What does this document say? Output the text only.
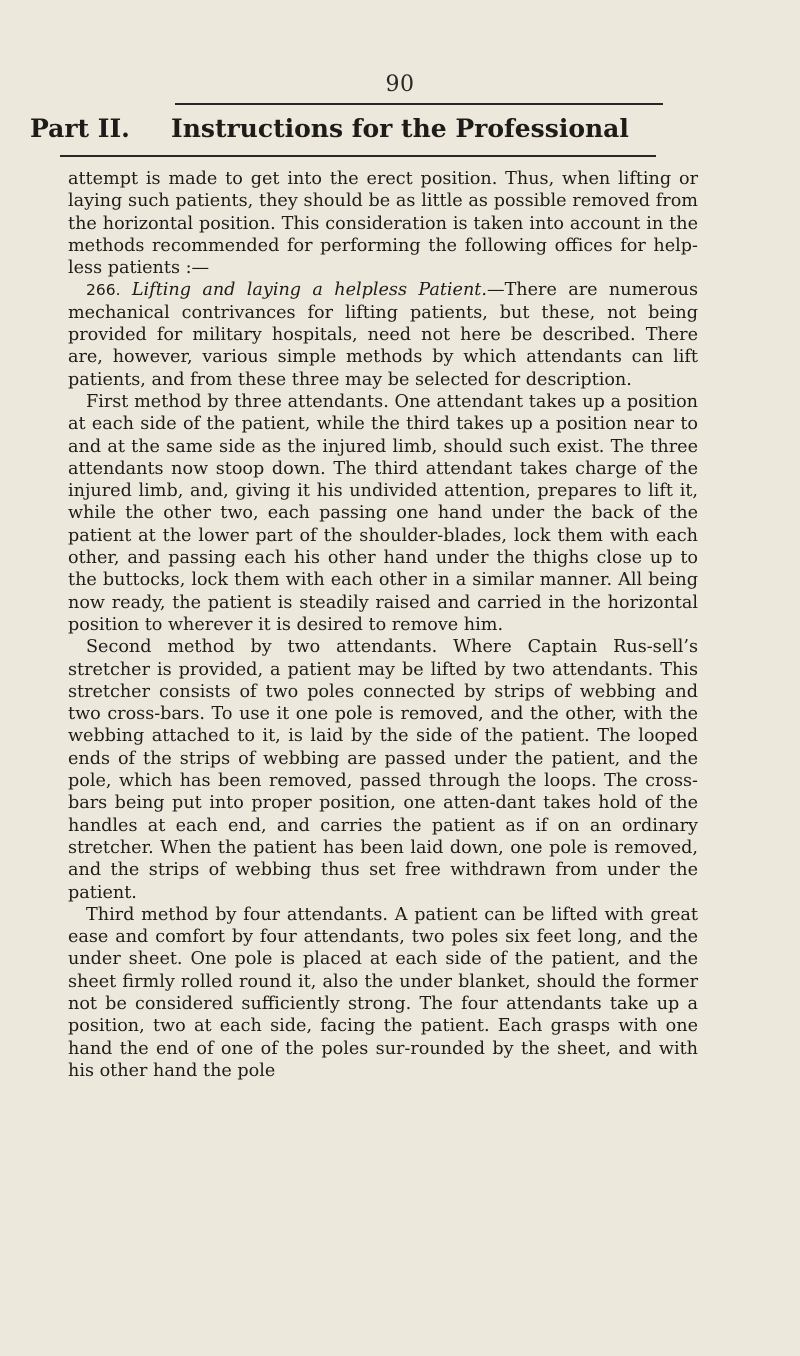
90
Part II. Instructions for the Professional

attempt is made to get into the erect position. Thus, when lifting or laying such patients, they should be as little as possible removed from the horizontal position. This consideration is taken into account in the methods recommended for performing the following offices for help-less patients :—

266. Lifting and laying a helpless Patient.—There are numerous mechanical contrivances for lifting patients, but these, not being provided for military hospitals, need not here be described. There are, however, various simple methods by which attendants can lift patients, and from these three may be selected for description.

First method by three attendants. One attendant takes up a position at each side of the patient, while the third takes up a position near to and at the same side as the injured limb, should such exist. The three attendants now stoop down. The third attendant takes charge of the injured limb, and, giving it his undivided attention, prepares to lift it, while the other two, each passing one hand under the back of the patient at the lower part of the shoulder-blades, lock them with each other, and passing each his other hand under the thighs close up to the buttocks, lock them with each other in a similar manner. All being now ready, the patient is steadily raised and carried in the horizontal position to wherever it is desired to remove him.

Second method by two attendants. Where Captain Rus-sell’s stretcher is provided, a patient may be lifted by two attendants. This stretcher consists of two poles connected by strips of webbing and two cross-bars. To use it one pole is removed, and the other, with the webbing attached to it, is laid by the side of the patient. The looped ends of the strips of webbing are passed under the patient, and the pole, which has been removed, passed through the loops. The cross-bars being put into proper position, one atten-dant takes hold of the handles at each end, and carries the patient as if on an ordinary stretcher. When the patient has been laid down, one pole is removed, and the strips of webbing thus set free withdrawn from under the patient.

Third method by four attendants. A patient can be lifted with great ease and comfort by four attendants, two poles six feet long, and the under sheet. One pole is placed at each side of the patient, and the sheet firmly rolled round it, also the under blanket, should the former not be considered sufficiently strong. The four attendants take up a position, two at each side, facing the patient. Each grasps with one hand the end of one of the poles sur-rounded by the sheet, and with his other hand the pole
